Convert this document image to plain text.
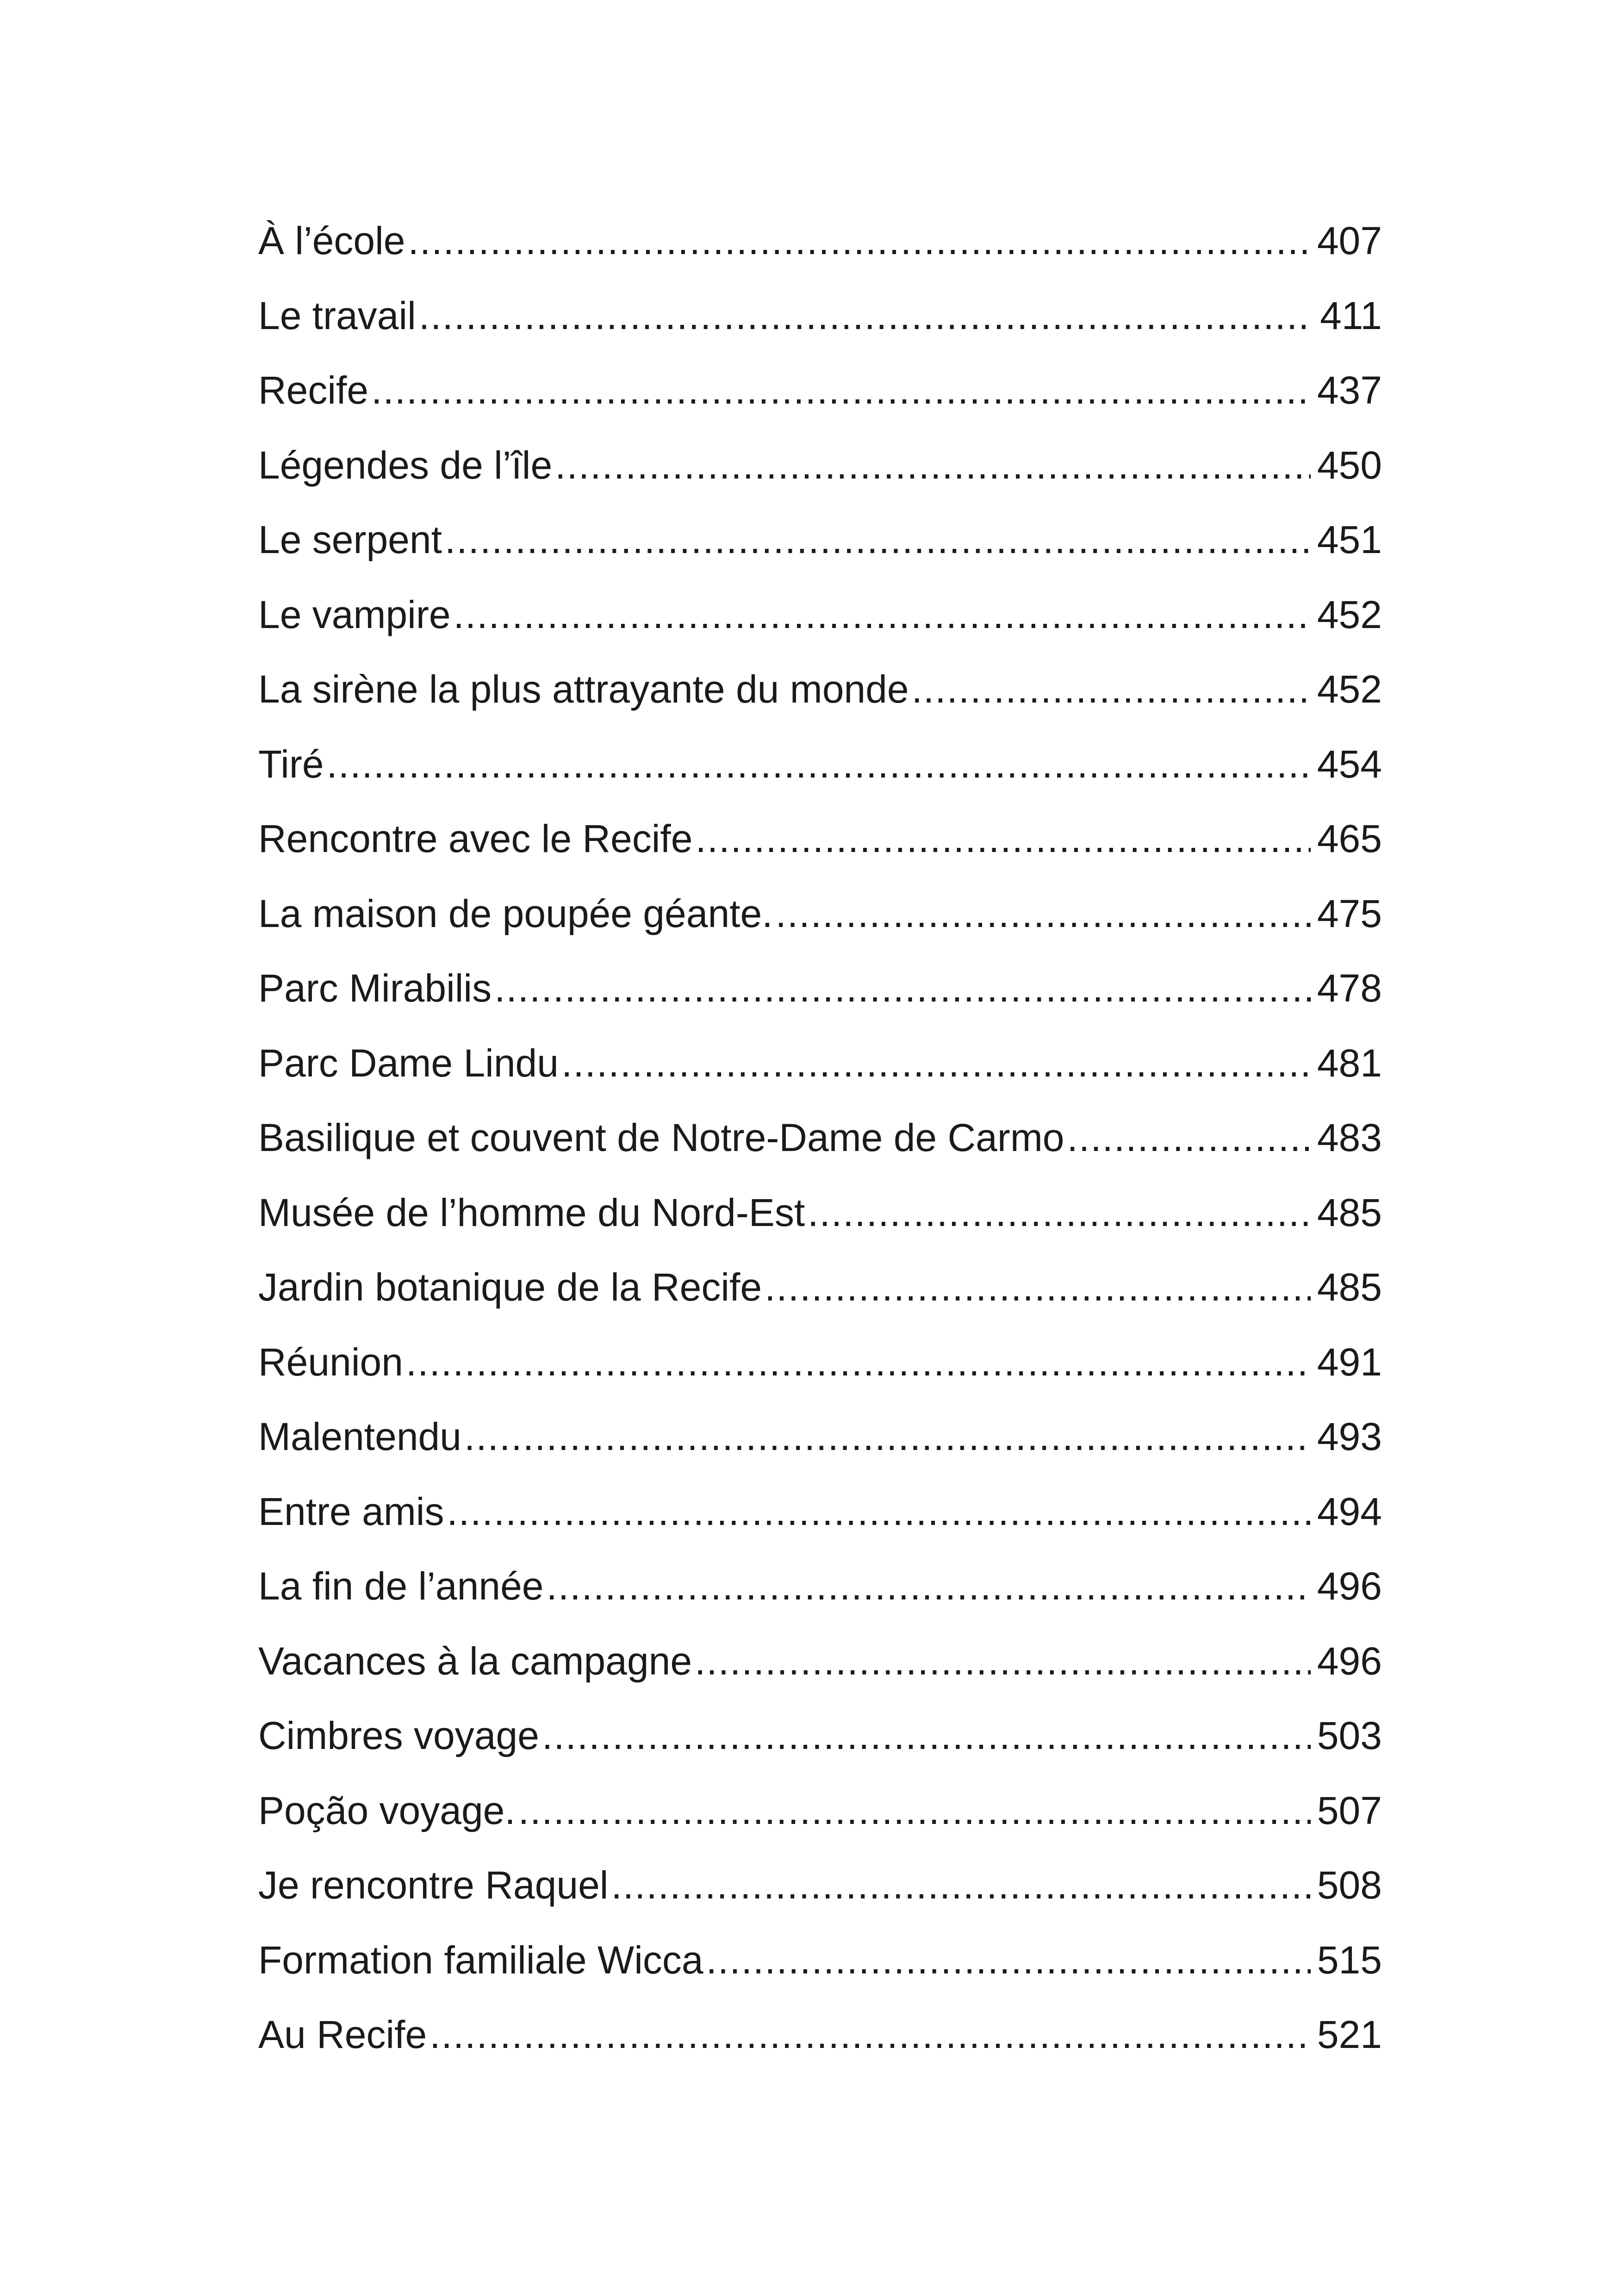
À l’école .....	407
Le travail .....	411
Recife .....	437
Légendes de l’île .....	450
Le serpent .....	451
Le vampire .....	452
La sirène la plus attrayante du monde .....	452
Tiré .....	454
Rencontre avec le Recife .....	465
La maison de poupée géante. .....	475
Parc Mirabilis .....	478
Parc Dame Lindu .....	481
Basilique et couvent de Notre-Dame de Carmo .....	483
Musée de l’homme du Nord-Est .....	485
Jardin botanique de la Recife .....	485
Réunion .....	491
Malentendu .....	493
Entre amis .....	494
La fin de l’année .....	496
Vacances à la campagne .....	496
Cimbres voyage .....	503
Poção voyage. .....	507
Je rencontre Raquel .....	508
Formation familiale Wicca .....	515
Au Recife .....	521
